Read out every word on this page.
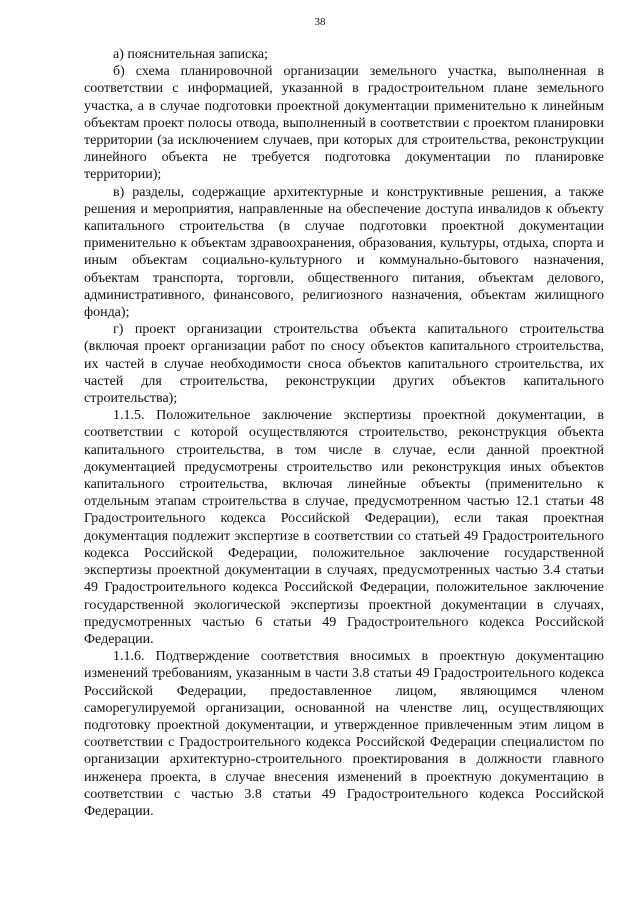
38

а) пояснительная записка;

б) схема планировочной организации земельного участка, выполненная в соответствии с информацией, указанной в градостроительном плане земельного участка, а в случае подготовки проектной документации применительно к линейным объектам проект полосы отвода, выполненный в соответствии с проектом планировки территории (за исключением случаев, при которых для строительства, реконструкции линейного объекта не требуется подготовка документации по планировке территории);

в) разделы, содержащие архитектурные и конструктивные решения, а также решения и мероприятия, направленные на обеспечение доступа инвалидов к объекту капитального строительства (в случае подготовки проектной документации применительно к объектам здравоохранения, образования, культуры, отдыха, спорта и иным объектам социально-культурного и коммунально-бытового назначения, объектам транспорта, торговли, общественного питания, объектам делового, административного, финансового, религиозного назначения, объектам жилищного фонда);

г) проект организации строительства объекта капитального строительства (включая проект организации работ по сносу объектов капитального строительства, их частей в случае необходимости сноса объектов капитального строительства, их частей для строительства, реконструкции других объектов капитального строительства);

1.1.5. Положительное заключение экспертизы проектной документации, в соответствии с которой осуществляются строительство, реконструкция объекта капитального строительства, в том числе в случае, если данной проектной документацией предусмотрены строительство или реконструкция иных объектов капитального строительства, включая линейные объекты (применительно к отдельным этапам строительства в случае, предусмотренном частью 12.1 статьи 48 Градостроительного кодекса Российской Федерации), если такая проектная документация подлежит экспертизе в соответствии со статьей 49 Градостроительного кодекса Российской Федерации, положительное заключение государственной экспертизы проектной документации в случаях, предусмотренных частью 3.4 статьи 49 Градостроительного кодекса Российской Федерации, положительное заключение государственной экологической экспертизы проектной документации в случаях, предусмотренных частью 6 статьи 49 Градостроительного кодекса Российской Федерации.

1.1.6. Подтверждение соответствия вносимых в проектную документацию изменений требованиям, указанным в части 3.8 статьи 49 Градостроительного кодекса Российской Федерации, предоставленное лицом, являющимся членом саморегулируемой организации, основанной на членстве лиц, осуществляющих подготовку проектной документации, и утвержденное привлеченным этим лицом в соответствии с Градостроительного кодекса Российской Федерации специалистом по организации архитектурно-строительного проектирования в должности главного инженера проекта, в случае внесения изменений в проектную документацию в соответствии с частью 3.8 статьи 49 Градостроительного кодекса Российской Федерации.
